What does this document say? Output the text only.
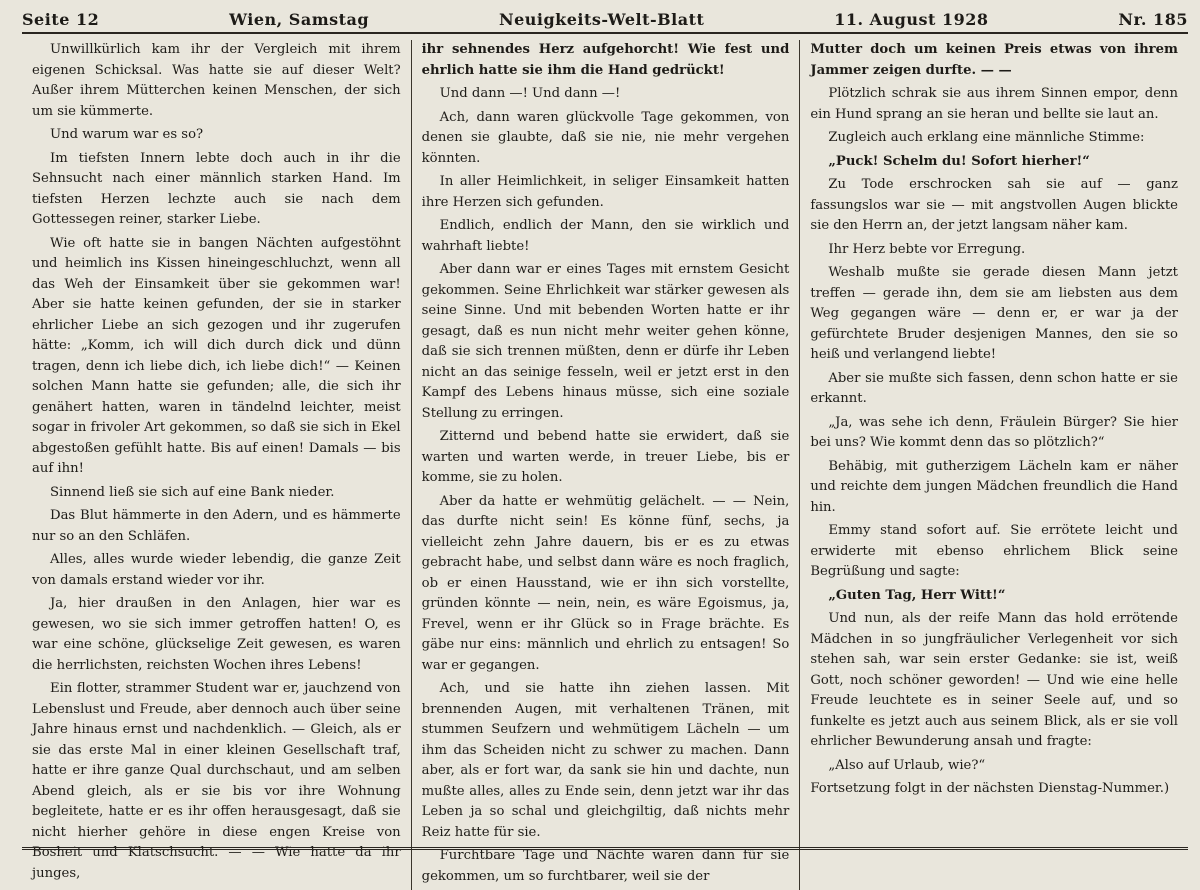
Seite 12	Wien, Samstag	Neuigkeits-Welt-Blatt	11. August 1928	Nr. 185

Unwillkürlich kam ihr der Vergleich mit ihrem eigenen Schicksal. Was hatte sie auf dieser Welt? Außer ihrem Mütterchen keinen Menschen, der sich um sie kümmerte.

Und warum war es so?

Im tiefsten Innern lebte doch auch in ihr die Sehnsucht nach einer männlich starken Hand. Im tiefsten Herzen lechzte auch sie nach dem Gottessegen reiner, starker Liebe.

Wie oft hatte sie in bangen Nächten aufgestöhnt und heimlich ins Kissen hineingeschluchzt, wenn all das Weh der Einsamkeit über sie gekommen war! Aber sie hatte keinen gefunden, der sie in starker ehrlicher Liebe an sich gezogen und ihr zugerufen hätte: „Komm, ich will dich durch dick und dünn tragen, denn ich liebe dich, ich liebe dich!“ — Keinen solchen Mann hatte sie gefunden; alle, die sich ihr genähert hatten, waren in tändelnd leichter, meist sogar in frivoler Art gekommen, so daß sie sich in Ekel abgestoßen gefühlt hatte. Bis auf einen! Damals — bis auf ihn!

Sinnend ließ sie sich auf eine Bank nieder.

Das Blut hämmerte in den Adern, und es hämmerte nur so an den Schläfen.

Alles, alles wurde wieder lebendig, die ganze Zeit von damals erstand wieder vor ihr.

Ja, hier draußen in den Anlagen, hier war es gewesen, wo sie sich immer getroffen hatten! O, es war eine schöne, glückselige Zeit gewesen, es waren die herrlichsten, reichsten Wochen ihres Lebens!

Ein flotter, strammer Student war er, jauchzend von Lebenslust und Freude, aber dennoch auch über seine Jahre hinaus ernst und nachdenklich. — Gleich, als er sie das erste Mal in einer kleinen Gesellschaft traf, hatte er ihre ganze Qual durchschaut, und am selben Abend gleich, als er sie bis vor ihre Wohnung begleitete, hatte er es ihr offen herausgesagt, daß sie nicht hierher gehöre in diese engen Kreise von Bosheit und Klatschsucht. — — Wie hatte da ihr junges,

ihr sehnendes Herz aufgehorcht! Wie fest und ehrlich hatte sie ihm die Hand gedrückt!

Und dann —! Und dann —!

Ach, dann waren glückvolle Tage gekommen, von denen sie glaubte, daß sie nie, nie mehr vergehen könnten.

In aller Heimlichkeit, in seliger Einsamkeit hatten ihre Herzen sich gefunden.

Endlich, endlich der Mann, den sie wirklich und wahrhaft liebte!

Aber dann war er eines Tages mit ernstem Gesicht gekommen. Seine Ehrlichkeit war stärker gewesen als seine Sinne. Und mit bebenden Worten hatte er ihr gesagt, daß es nun nicht mehr weiter gehen könne, daß sie sich trennen müßten, denn er dürfe ihr Leben nicht an das seinige fesseln, weil er jetzt erst in den Kampf des Lebens hinaus müsse, sich eine soziale Stellung zu erringen.

Zitternd und bebend hatte sie erwidert, daß sie warten und warten werde, in treuer Liebe, bis er komme, sie zu holen.

Aber da hatte er wehmütig gelächelt. — — Nein, das durfte nicht sein! Es könne fünf, sechs, ja vielleicht zehn Jahre dauern, bis er es zu etwas gebracht habe, und selbst dann wäre es noch fraglich, ob er einen Hausstand, wie er ihn sich vorstellte, gründen könnte — nein, nein, es wäre Egoismus, ja, Frevel, wenn er ihr Glück so in Frage brächte. Es gäbe nur eins: männlich und ehrlich zu entsagen! So war er gegangen.

Ach, und sie hatte ihn ziehen lassen. Mit brennenden Augen, mit verhaltenen Tränen, mit stummen Seufzern und wehmütigem Lächeln — um ihm das Scheiden nicht zu schwer zu machen. Dann aber, als er fort war, da sank sie hin und dachte, nun mußte alles, alles zu Ende sein, denn jetzt war ihr das Leben ja so schal und gleichgiltig, daß nichts mehr Reiz hatte für sie.

Furchtbare Tage und Nächte waren dann für sie gekommen, um so furchtbarer, weil sie der

Mutter doch um keinen Preis etwas von ihrem Jammer zeigen durfte. — —

Plötzlich schrak sie aus ihrem Sinnen empor, denn ein Hund sprang an sie heran und bellte sie laut an.

Zugleich auch erklang eine männliche Stimme:

„Puck! Schelm du! Sofort hierher!“

Zu Tode erschrocken sah sie auf — ganz fassungslos war sie — mit angstvollen Augen blickte sie den Herrn an, der jetzt langsam näher kam.

Ihr Herz bebte vor Erregung.

Weshalb mußte sie gerade diesen Mann jetzt treffen — gerade ihn, dem sie am liebsten aus dem Weg gegangen wäre — denn er, er war ja der gefürchtete Bruder desjenigen Mannes, den sie so heiß und verlangend liebte!

Aber sie mußte sich fassen, denn schon hatte er sie erkannt.

„Ja, was sehe ich denn, Fräulein Bürger? Sie hier bei uns? Wie kommt denn das so plötzlich?“

Behäbig, mit gutherzigem Lächeln kam er näher und reichte dem jungen Mädchen freundlich die Hand hin.

Emmy stand sofort auf. Sie errötete leicht und erwiderte mit ebenso ehrlichem Blick seine Begrüßung und sagte:

„Guten Tag, Herr Witt!“

Und nun, als der reife Mann das hold errötende Mädchen in so jungfräulicher Verlegenheit vor sich stehen sah, war sein erster Gedanke: sie ist, weiß Gott, noch schöner geworden! — Und wie eine helle Freude leuchtete es in seiner Seele auf, und so funkelte es jetzt auch aus seinem Blick, als er sie voll ehrlicher Bewunderung ansah und fragte:

„Also auf Urlaub, wie?“

Fortsetzung folgt in der nächsten Dienstag-Nummer.)
